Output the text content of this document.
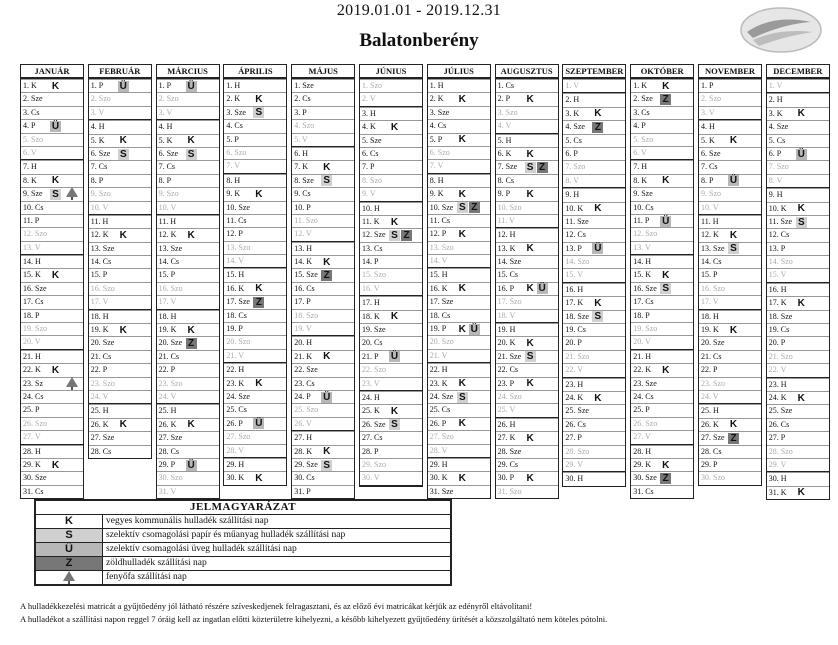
2019.01.01 - 2019.12.31
Balatonberény
JANUÁR
1. K K
2. Sze
3. Cs
4. P Ü
5. Szo
6. V
7. H
8. K K
9. Sze S
10. Cs
11. P
12. Szo
13. V
14. H
15. K K
16. Sze
17. Cs
18. P
19. Szo
20. V
21. H
22. K K
23. Sz
24. Cs
25. P
26. Szo
27. V
28. H
29. K K
30. Sze
31. Cs
FEBRUÁR
1. P Ü
2. Szo
3. V
4. H
5. K K
6. Sze S
7. Cs
8. P
9. Szo
10. V
11. H
12. K K
13. Sze
14. Cs
15. P
16. Szo
17. V
18. H
19. K K
20. Sze
21. Cs
22. P
23. Szo
24. V
25. H
26. K K
27. Sze
28. Cs
MÁRCIUS
1. P Ü
2. Szo
3. V
4. H
5. K K
6. Sze S
7. Cs
8. P
9. Szo
10. V
11. H
12. K K
13. Sze
14. Cs
15. P
16. Szo
17. V
18. H
19. K K
20. Sze Z
21. Cs
22. P
23. Szo
24. V
25. H
26. K K
27. Sze
28. Cs
29. P Ü
30. Szo
31. V
ÁPRILIS
1. H
2. K K
3. Sze S
4. Cs
5. P
6. Szo
7. V
8. H
9. K K
10. Sze
11. Cs
12. P
13. Szo
14. V
15. H
16. K K
17. Sze Z
18. Cs
19. P
20. Szo
21. V
22. H
23. K K
24. Sze
25. Cs
26. P Ü
27. Szo
28. V
29. H
30. K K
MÁJUS
1. Sze
2. Cs
3. P
4. Szo
5. V
6. H
7. K K
8. Sze S
9. Cs
10. P
11. Szo
12. V
13. H
14. K K
15. Sze Z
16. Cs
17. P
18. Szo
19. V
20. H
21. K K
22. Sze
23. Cs
24. P Ü
25. Szo
26. V
27. H
28. K K
29. Sze S
30. Cs
31. P
JÚNIUS
1. Szo
2. V
3. H
4. K K
5. Sze
6. Cs
7. P
8. Szo
9. V
10. H
11. K K
12. Sze S Z
13. Cs
14. P
15. Szo
16. V
17. H
18. K K
19. Sze
20. Cs
21. P Ü
22. Szo
23. V
24. H
25. K K
26. Sze S
27. Cs
28. P
29. Szo
30. V
JÚLIUS
1. H
2. K K
3. Sze
4. Cs
5. P K
6. Szo
7. V
8. H
9. K K
10. Sze S Z
11. Cs
12. P K
13. Szo
14. V
15. H
16. K K
17. Sze
18. Cs
19. P K Ü
20. Szo
21. V
22. H
23. K K
24. Sze S
25. Cs
26. P K
27. Szo
28. V
29. H
30. K K
31. Sze
AUGUSZTUS
1. Cs
2. P K
3. Szo
4. V
5. H
6. K K
7. Sze S Z
8. Cs
9. P K
10. Szo
11. V
12. H
13. K K
14. Sze
15. Cs
16. P K Ü
17. Szo
18. V
19. H
20. K K
21. Sze S
22. Cs
23. P K
24. Szo
25. V
26. H
27. K K
28. Sze
29. Cs
30. P K
31. Szo
SZEPTEMBER
1. V
2. H
3. K K
4. Sze Z
5. Cs
6. P
7. Szo
8. V
9. H
10. K K
11. Sze
12. Cs
13. P Ü
14. Szo
15. V
16. H
17. K K
18. Sze S
19. Cs
20. P
21. Szo
22. V
23. H
24. K K
25. Sze
26. Cs
27. P
28. Szo
29. V
30. H
OKTÓBER
1. K K
2. Sze Z
3. Cs
4. P
5. Szo
6. V
7. H
8. K K
9. Sze
10. Cs
11. P Ü
12. Szo
13. V
14. H
15. K K
16. Sze S
17. Cs
18. P
19. Szo
20. V
21. H
22. K K
23. Sze
24. Cs
25. P
26. Szo
27. V
28. H
29. K K
30. Sze Z
31. Cs
NOVEMBER
1. P
2. Szo
3. V
4. H
5. K K
6. Sze
7. Cs
8. P Ü
9. Szo
10. V
11. H
12. K K
13. Sze S
14. Cs
15. P
16. Szo
17. V
18. H
19. K K
20. Sze
21. Cs
22. P
23. Szo
24. V
25. H
26. K K
27. Sze Z
28. Cs
29. P
30. Szo
DECEMBER
1. V
2. H
3. K K
4. Sze
5. Cs
6. P Ü
7. Szo
8. V
9. H
10. K K
11. Sze S
12. Cs
13. P
14. Szo
15. V
16. H
17. K K
18. Sze
19. Cs
20. P
21. Szo
22. V
23. H
24. K K
25. Sze
26. Cs
27. P
28. Szo
29. V
30. H
31. K K
JELMAGYARÁZAT
K	vegyes kommunális hulladék szállítási nap
S	szelektív csomagolási papír és műanyag hulladék szállítási nap
Ü	szelektív csomagolási üveg hulladék szállítási nap
Z	zöldhulladék szállítási nap
fenyőfa szállítási nap
A hulladékkezelési matricát a gyűjtőedény jól látható részére szíveskedjenek felragasztani, és az előző évi matricákat kérjük az edényről eltávolítani!
A hulladékot a szállítási napon reggel 7 óráig kell az ingatlan előtti közterületre kihelyezni, a később kihelyezett gyűjtőedény ürítését a közszolgáltató nem köteles pótolni.
